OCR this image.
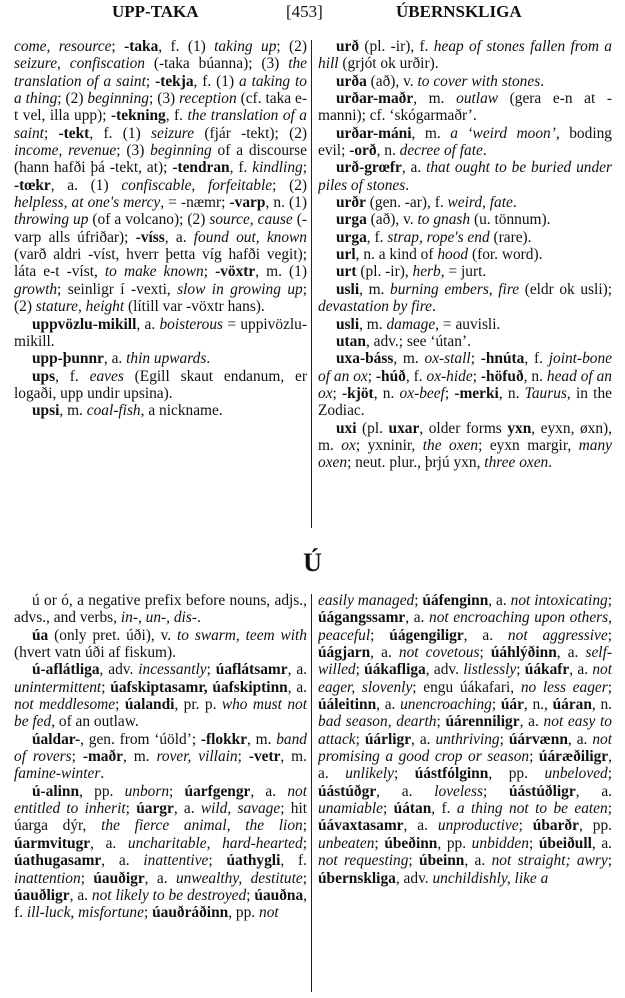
UPP-TAKA	[453]	ÚBERNSKLIGA

come, resource; -taka, f. (1) taking up; (2) seizure, confiscation (-taka búanna); (3) the translation of a saint; -tekja, f. (1) a taking to a thing; (2) beginning; (3) reception (cf. taka e-t vel, illa upp); -tekning, f. the translation of a saint; -tekt, f. (1) seizure (fjár -tekt); (2) income, revenue; (3) beginning of a discourse (hann hafði þá -tekt, at); -tendran, f. kindling; -tœkr, a. (1) confiscable, forfeitable; (2) helpless, at one's mercy, = -næmr; -varp, n. (1) throwing up (of a volcano); (2) source, cause (-varp alls úfriðar); -víss, a. found out, known (varð aldri -víst, hverr þetta víg hafði vegit); láta e-t -víst, to make known; -vöxtr, m. (1) growth; seinligr í -vexti, slow in growing up; (2) stature, height (lítill var -vöxtr hans).

uppvözlu-mikill, a. boisterous = uppivözlu-mikill.

upp-þunnr, a. thin upwards.

ups, f. eaves (Egill skaut endanum, er logaði, upp undir upsina).

upsi, m. coal-fish, a nickname.

urð (pl. -ir), f. heap of stones fallen from a hill (grjót ok urðir).

urða (að), v. to cover with stones.

urðar-maðr, m. outlaw (gera e-n at -manni); cf. ‘skógarmaðr’.

urðar-máni, m. a ‘weird moon’, boding evil; -orð, n. decree of fate.

urð-grœfr, a. that ought to be buried under piles of stones.

urðr (gen. -ar), f. weird, fate.

urga (að), v. to gnash (u. tönnum).

urga, f. strap, rope's end (rare).

url, n. a kind of hood (for. word).

urt (pl. -ir), herb, = jurt.

usli, m. burning embers, fire (eldr ok usli); devastation by fire.

usli, m. damage, = auvisli.

utan, adv.; see ‘útan’.

uxa-báss, m. ox-stall; -hnúta, f. joint-bone of an ox; -húð, f. ox-hide; -höfuð, n. head of an ox; -kjöt, n. ox-beef; -merki, n. Taurus, in the Zodiac.

uxi (pl. uxar, older forms yxn, eyxn, øxn), m. ox; yxninir, the oxen; eyxn margir, many oxen; neut. plur., þrjú yxn, three oxen.

Ú

ú or ó, a negative prefix before nouns, adjs., advs., and verbs, in-, un-, dis-.

úa (only pret. úði), v. to swarm, teem with (hvert vatn úði af fiskum).

ú-aflátliga, adv. incessantly; úaflátsamr, a. unintermittent; úafskiptasamr, úafskiptinn, a. not meddlesome; úalandi, pr. p. who must not be fed, of an outlaw.

úaldar-, gen. from ‘úöld’; -flokkr, m. band of rovers; -maðr, m. rover, villain; -vetr, m. famine-winter.

ú-alinn, pp. unborn; úarfgengr, a. not entitled to inherit; úargr, a. wild, savage; hit úarga dýr, the fierce animal, the lion; úarmvitugr, a. uncharitable, hard-hearted; úathugasamr, a. inattentive; úathygli, f. inattention; úauðigr, a. unwealthy, destitute; úauðligr, a. not likely to be destroyed; úauðna, f. ill-luck, misfortune; úauðráðinn, pp. not

easily managed; úáfenginn, a. not intoxicating; úágangssamr, a. not encroaching upon others, peaceful; úágengiligr, a. not aggressive; úágjarn, a. not covetous; úáhlýðinn, a. self-willed; úákafliga, adv. listlessly; úákafr, a. not eager, slovenly; engu úákafari, no less eager; úáleitinn, a. unencroaching; úár, n., úáran, n. bad season, dearth; úárenniligr, a. not easy to attack; úárligr, a. unthriving; úárvænn, a. not promising a good crop or season; úáræðiligr, a. unlikely; úástfólginn, pp. unbeloved; úástúðgr, a. loveless; úástúðligr, a. unamiable; úátan, f. a thing not to be eaten; úávaxtasamr, a. unproductive; úbarðr, pp. unbeaten; úbeðinn, pp. unbidden; úbeiðull, a. not requesting; úbeinn, a. not straight; awry; úbernskliga, adv. unchildishly, like a
